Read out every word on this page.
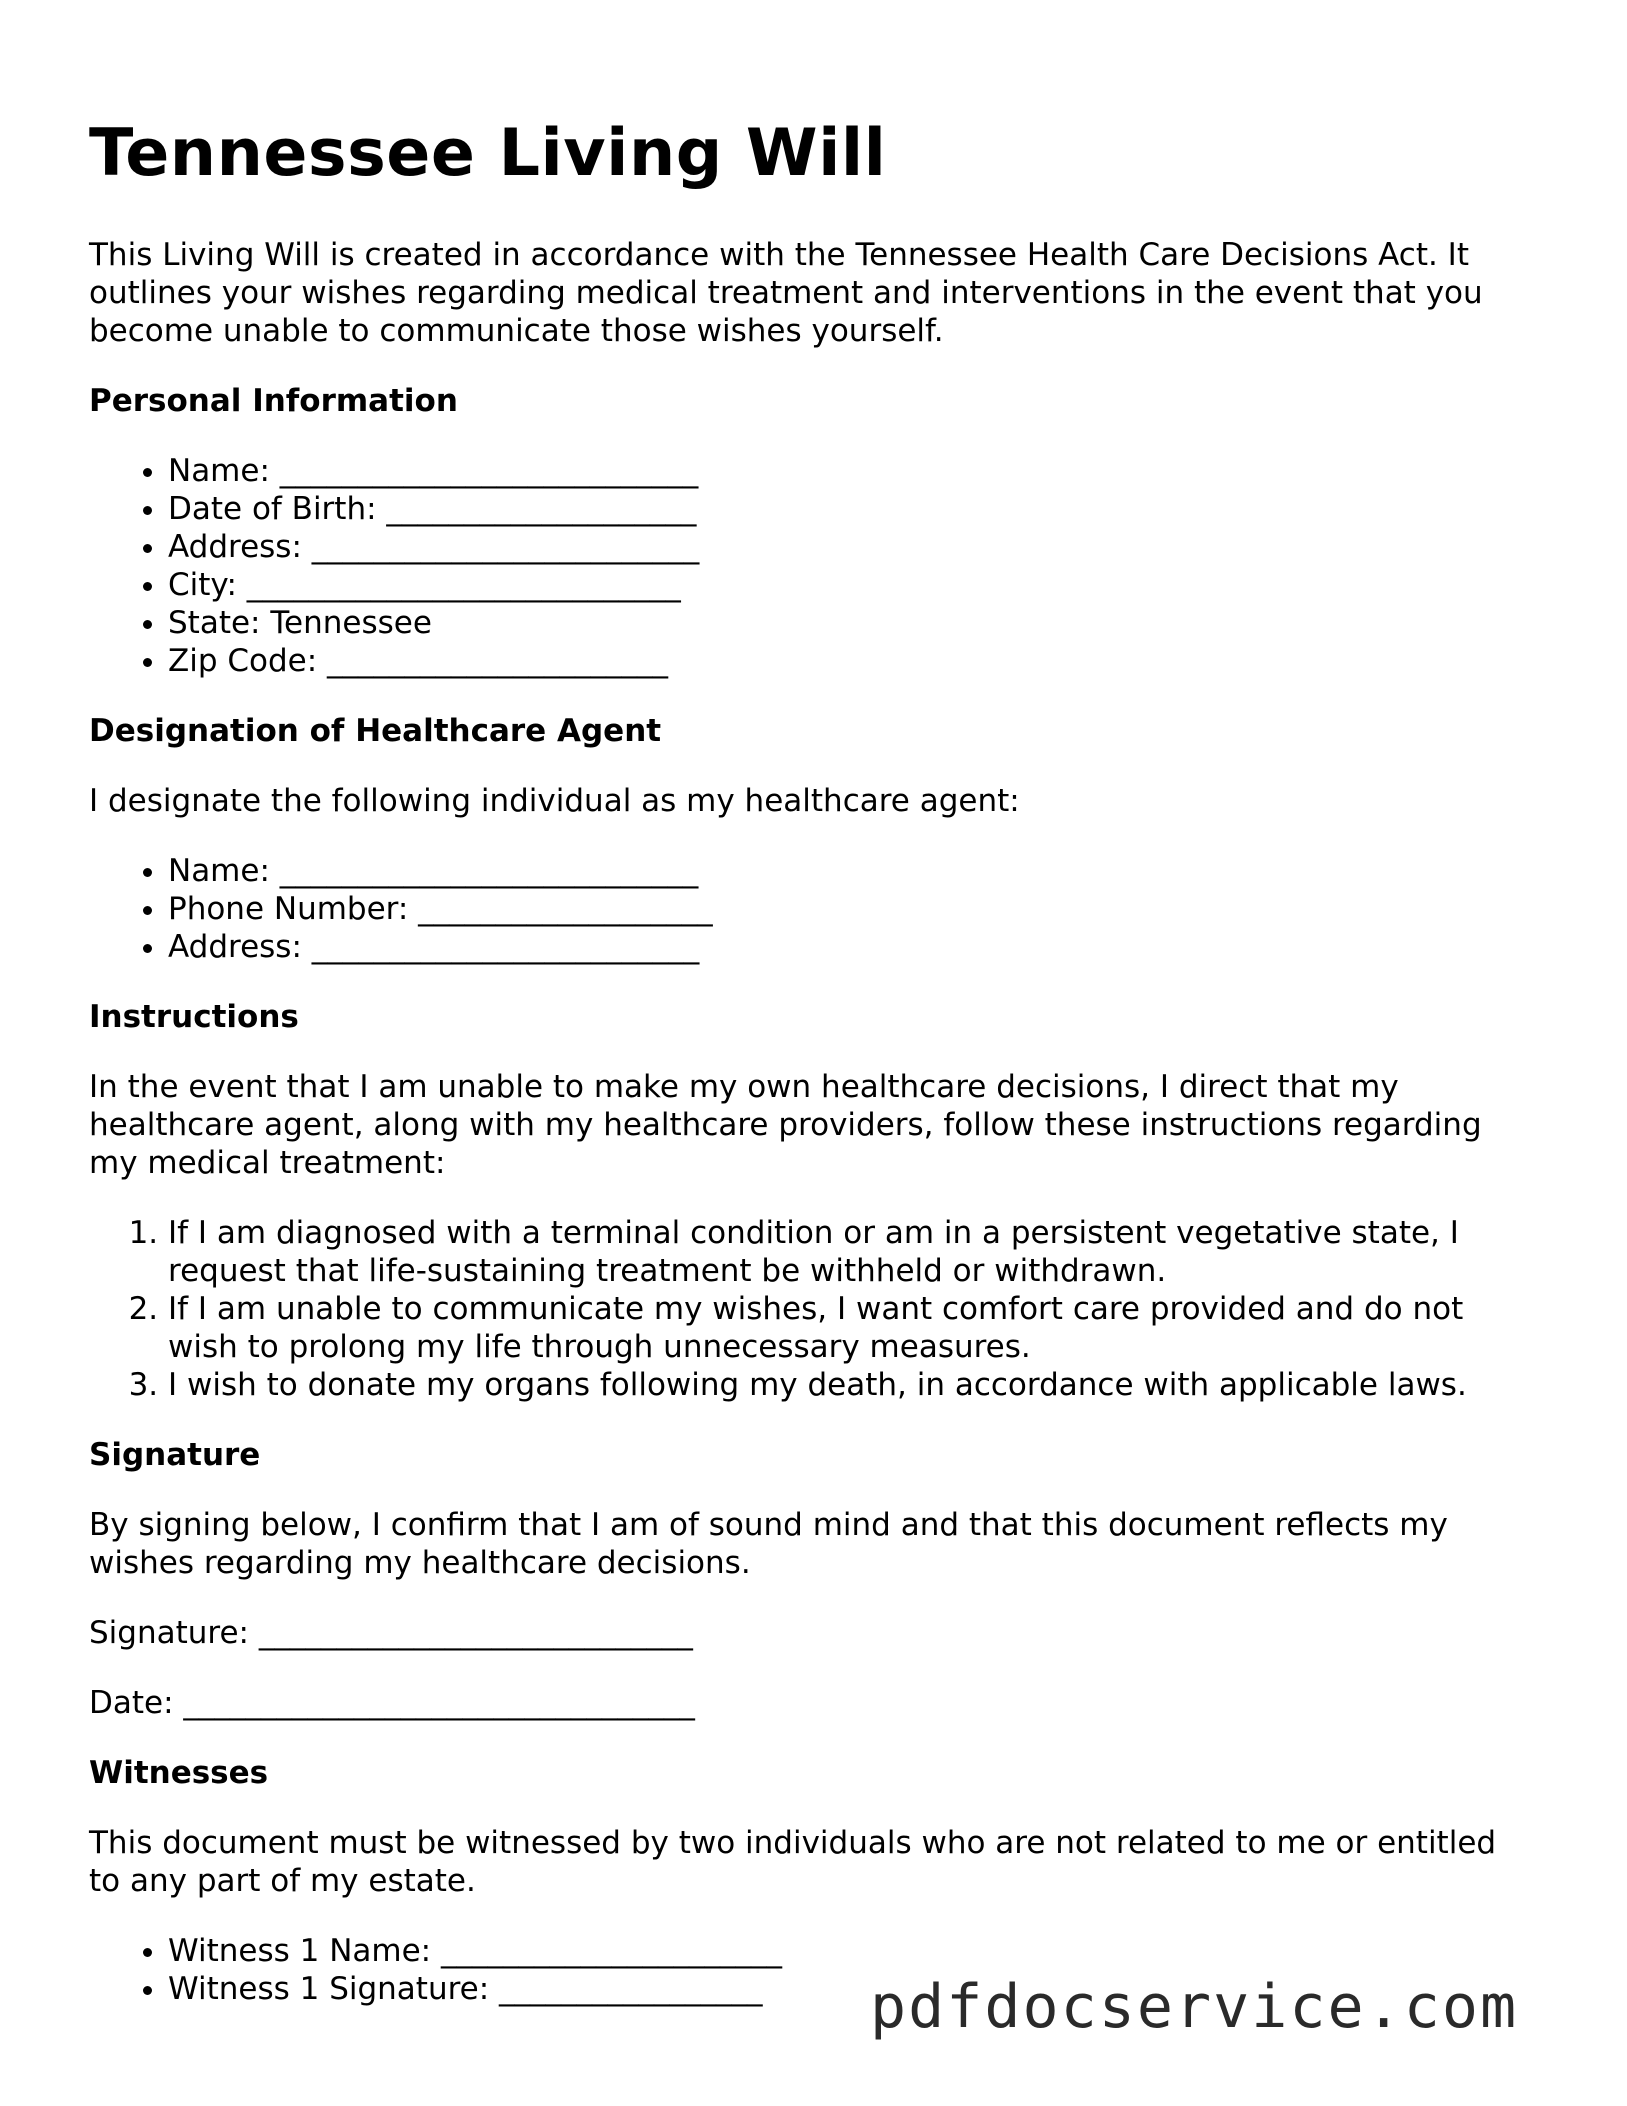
Tennessee Living Will

This Living Will is created in accordance with the Tennessee Health Care Decisions Act. It outlines your wishes regarding medical treatment and interventions in the event that you become unable to communicate those wishes yourself.

Personal Information
• Name: ___________________________
• Date of Birth: ____________________
• Address: _________________________
• City: ____________________________
• State: Tennessee
• Zip Code: ______________________
Designation of Healthcare Agent

I designate the following individual as my healthcare agent:

• Name: ___________________________
• Phone Number: ___________________
• Address: _________________________
Instructions

In the event that I am unable to make my own healthcare decisions, I direct that my healthcare agent, along with my healthcare providers, follow these instructions regarding my medical treatment:

1. If I am diagnosed with a terminal condition or am in a persistent vegetative state, I request that life-sustaining treatment be withheld or withdrawn.
2. If I am unable to communicate my wishes, I want comfort care provided and do not wish to prolong my life through unnecessary measures.
3. I wish to donate my organs following my death, in accordance with applicable laws.
Signature

By signing below, I confirm that I am of sound mind and that this document reflects my wishes regarding my healthcare decisions.

Signature: ____________________________

Date: _________________________________

Witnesses

This document must be witnessed by two individuals who are not related to me or entitled to any part of my estate.

• Witness 1 Name: ______________________
• Witness 1 Signature: _________________	pdfdocservice.com
